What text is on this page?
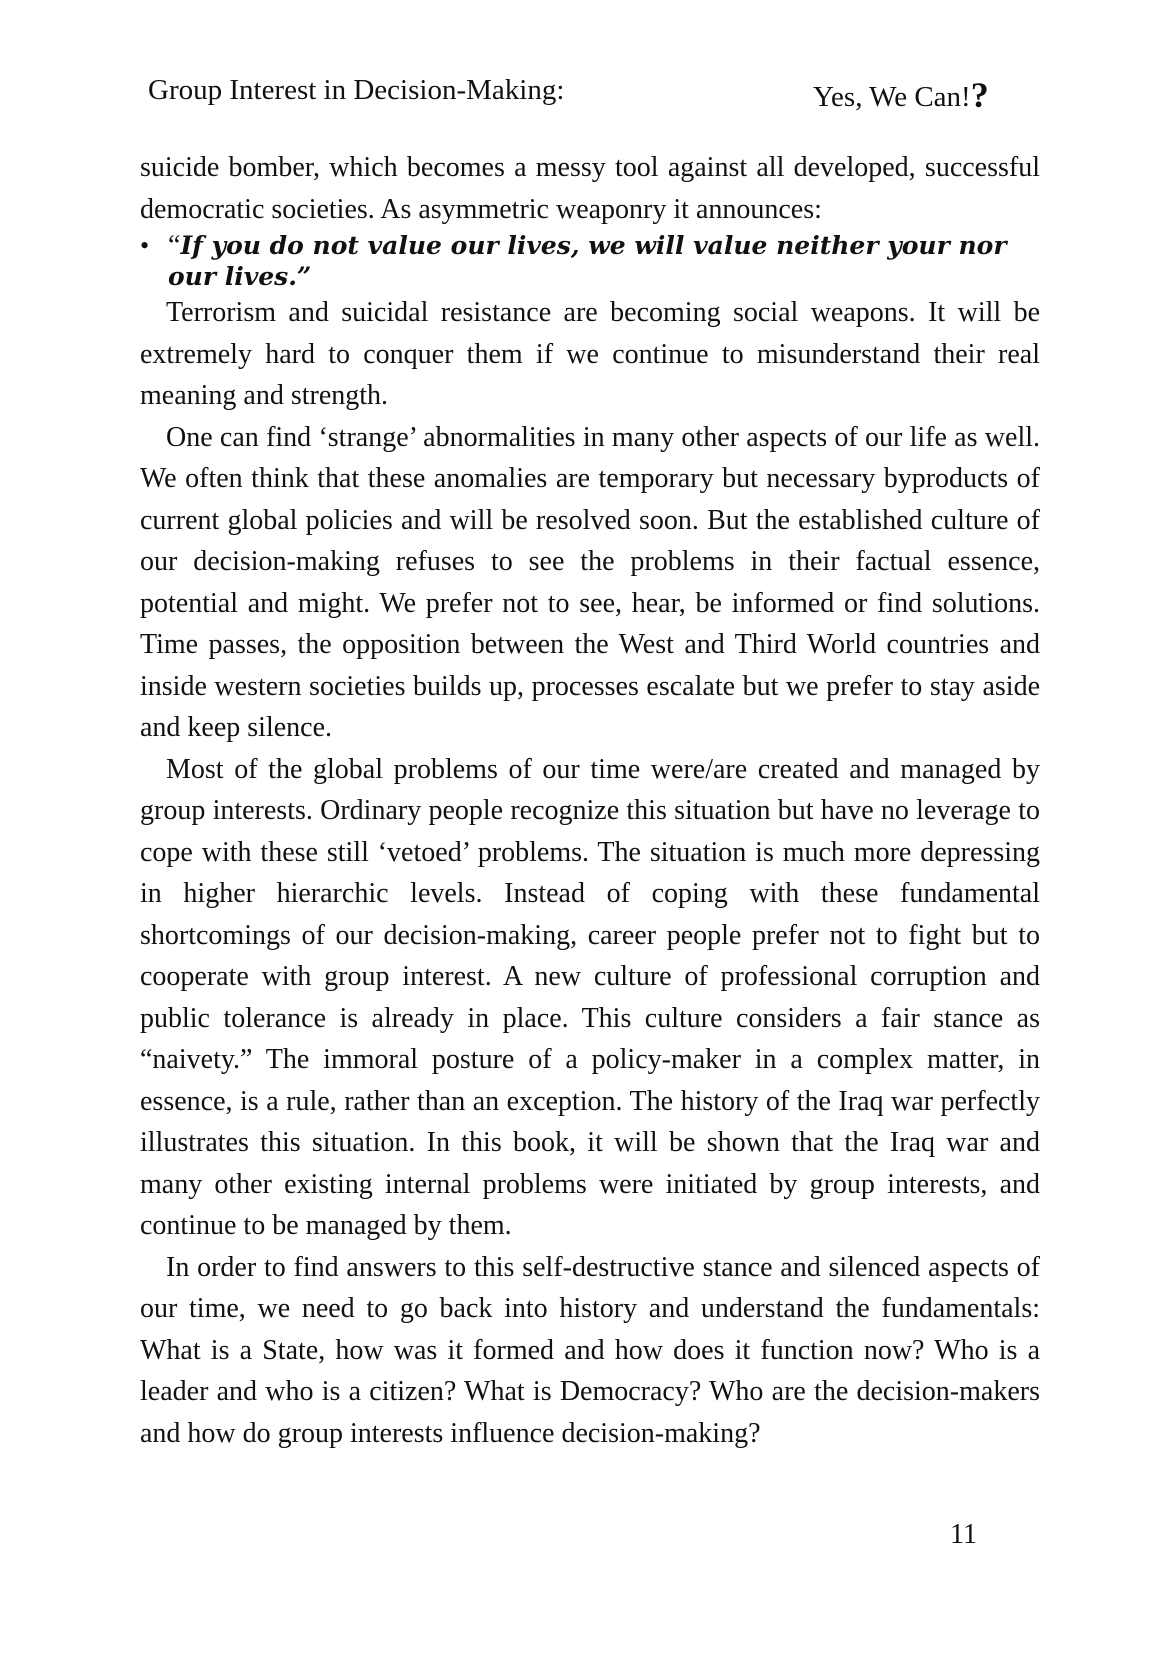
Group Interest in Decision-Making:	Yes, We Can!?

suicide bomber, which becomes a messy tool against all developed, successful democratic societies. As asymmetric weaponry it announces:

• “If you do not value our lives, we will value neither your nor our lives.”

Terrorism and suicidal resistance are becoming social weapons. It will be extremely hard to conquer them if we continue to misunderstand their real meaning and strength.

One can find ‘strange’ abnormalities in many other aspects of our life as well. We often think that these anomalies are temporary but necessary byproducts of current global policies and will be resolved soon. But the established culture of our decision-making refuses to see the problems in their factual essence, potential and might. We prefer not to see, hear, be informed or find solutions. Time passes, the opposition between the West and Third World countries and inside western societies builds up, processes escalate but we prefer to stay aside and keep silence.

Most of the global problems of our time were/are created and managed by group interests. Ordinary people recognize this situation but have no leverage to cope with these still ‘vetoed’ problems. The situation is much more depressing in higher hierarchic levels. Instead of coping with these fundamental shortcomings of our decision-making, career people prefer not to fight but to cooperate with group interest. A new culture of professional corruption and public tolerance is already in place. This culture considers a fair stance as “naivety.” The immoral posture of a policy-maker in a complex matter, in essence, is a rule, rather than an exception. The history of the Iraq war perfectly illustrates this situation. In this book, it will be shown that the Iraq war and many other existing internal problems were initiated by group interests, and continue to be managed by them.

In order to find answers to this self-destructive stance and silenced aspects of our time, we need to go back into history and understand the fundamentals: What is a State, how was it formed and how does it function now? Who is a leader and who is a citizen? What is Democracy? Who are the decision-makers and how do group interests influence decision-making?

11
